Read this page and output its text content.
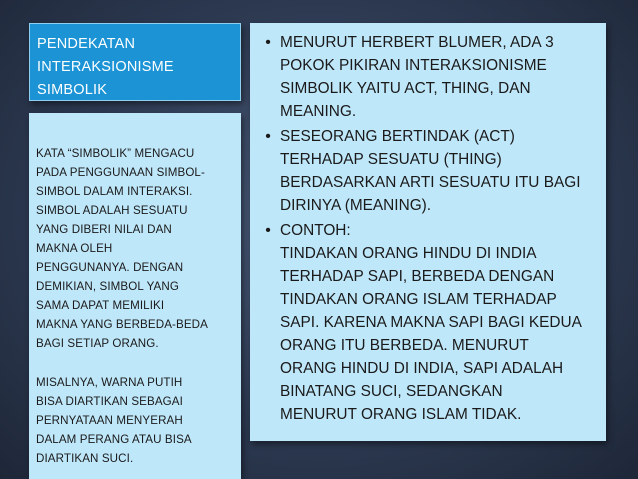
PENDEKATAN
INTERAKSIONISME
SIMBOLIK

KATA “SIMBOLIK” MENGACU
PADA PENGGUNAAN SIMBOL-
SIMBOL DALAM INTERAKSI.
SIMBOL ADALAH SESUATU
YANG DIBERI NILAI DAN
MAKNA OLEH
PENGGUNANYA. DENGAN
DEMIKIAN, SIMBOL YANG
SAMA DAPAT MEMILIKI
MAKNA YANG BERBEDA-BEDA
BAGI SETIAP ORANG.

MISALNYA, WARNA PUTIH
BISA DIARTIKAN SEBAGAI
PERNYATAAN MENYERAH
DALAM PERANG ATAU BISA
DIARTIKAN SUCI.

• MENURUT HERBERT BLUMER, ADA 3
POKOK PIKIRAN INTERAKSIONISME
SIMBOLIK YAITU ACT, THING, DAN
MEANING.
• SESEORANG BERTINDAK (ACT)
TERHADAP SESUATU (THING)
BERDASARKAN ARTI SESUATU ITU BAGI
DIRINYA (MEANING).
• CONTOH:
TINDAKAN ORANG HINDU DI INDIA
TERHADAP SAPI, BERBEDA DENGAN
TINDAKAN ORANG ISLAM TERHADAP
SAPI. KARENA MAKNA SAPI BAGI KEDUA
ORANG ITU BERBEDA. MENURUT
ORANG HINDU DI INDIA, SAPI ADALAH
BINATANG SUCI, SEDANGKAN
MENURUT ORANG ISLAM TIDAK.
